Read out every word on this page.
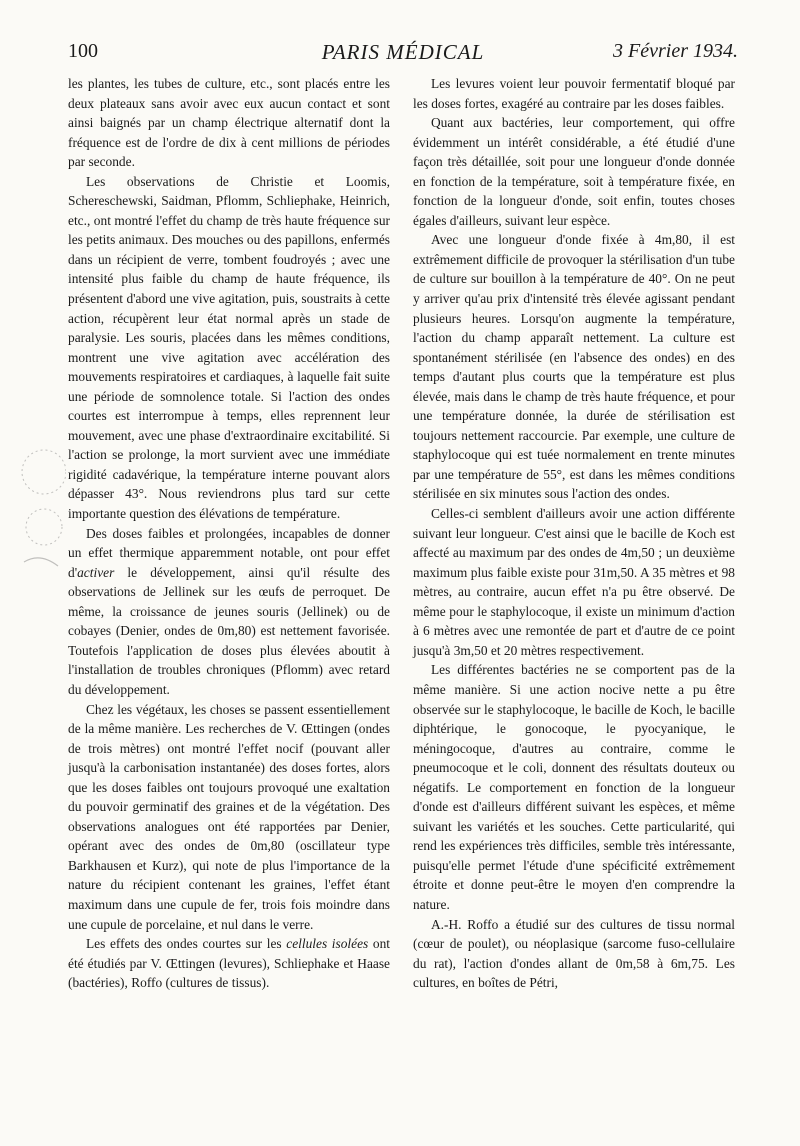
100	PARIS MÉDICAL	3 Février 1934.

les plantes, les tubes de culture, etc., sont placés entre les deux plateaux sans avoir avec eux aucun contact et sont ainsi baignés par un champ électrique alternatif dont la fréquence est de l'ordre de dix à cent millions de périodes par seconde.

Les observations de Christie et Loomis, Schereschewski, Saidman, Pflomm, Schliephake, Heinrich, etc., ont montré l'effet du champ de très haute fréquence sur les petits animaux. Des mouches ou des papillons, enfermés dans un récipient de verre, tombent foudroyés ; avec une intensité plus faible du champ de haute fréquence, ils présentent d'abord une vive agitation, puis, soustraits à cette action, récupèrent leur état normal après un stade de paralysie. Les souris, placées dans les mêmes conditions, montrent une vive agitation avec accélération des mouvements respiratoires et cardiaques, à laquelle fait suite une période de somnolence totale. Si l'action des ondes courtes est interrompue à temps, elles reprennent leur mouvement, avec une phase d'extraordinaire excitabilité. Si l'action se prolonge, la mort survient avec une immédiate rigidité cadavérique, la température interne pouvant alors dépasser 43°. Nous reviendrons plus tard sur cette importante question des élévations de température.

Des doses faibles et prolongées, incapables de donner un effet thermique apparemment notable, ont pour effet d'activer le développement, ainsi qu'il résulte des observations de Jellinek sur les œufs de perroquet. De même, la croissance de jeunes souris (Jellinek) ou de cobayes (Denier, ondes de 0m,80) est nettement favorisée. Toutefois l'application de doses plus élevées aboutit à l'installation de troubles chroniques (Pflomm) avec retard du développement.

Chez les végétaux, les choses se passent essentiellement de la même manière. Les recherches de V. Œttingen (ondes de trois mètres) ont montré l'effet nocif (pouvant aller jusqu'à la carbonisation instantanée) des doses fortes, alors que les doses faibles ont toujours provoqué une exaltation du pouvoir germinatif des graines et de la végétation. Des observations analogues ont été rapportées par Denier, opérant avec des ondes de 0m,80 (oscillateur type Barkhausen et Kurz), qui note de plus l'importance de la nature du récipient contenant les graines, l'effet étant maximum dans une cupule de fer, trois fois moindre dans une cupule de porcelaine, et nul dans le verre.

Les effets des ondes courtes sur les cellules isolées ont été étudiés par V. Œttingen (levures), Schliephake et Haase (bactéries), Roffo (cultures de tissus).

Les levures voient leur pouvoir fermentatif bloqué par les doses fortes, exagéré au contraire par les doses faibles.

Quant aux bactéries, leur comportement, qui offre évidemment un intérêt considérable, a été étudié d'une façon très détaillée, soit pour une longueur d'onde donnée en fonction de la température, soit à température fixée, en fonction de la longueur d'onde, soit enfin, toutes choses égales d'ailleurs, suivant leur espèce.

Avec une longueur d'onde fixée à 4m,80, il est extrêmement difficile de provoquer la stérilisation d'un tube de culture sur bouillon à la température de 40°. On ne peut y arriver qu'au prix d'intensité très élevée agissant pendant plusieurs heures. Lorsqu'on augmente la température, l'action du champ apparaît nettement. La culture est spontanément stérilisée (en l'absence des ondes) en des temps d'autant plus courts que la température est plus élevée, mais dans le champ de très haute fréquence, et pour une température donnée, la durée de stérilisation est toujours nettement raccourcie. Par exemple, une culture de staphylocoque qui est tuée normalement en trente minutes par une température de 55°, est dans les mêmes conditions stérilisée en six minutes sous l'action des ondes.

Celles-ci semblent d'ailleurs avoir une action différente suivant leur longueur. C'est ainsi que le bacille de Koch est affecté au maximum par des ondes de 4m,50 ; un deuxième maximum plus faible existe pour 31m,50. A 35 mètres et 98 mètres, au contraire, aucun effet n'a pu être observé. De même pour le staphylocoque, il existe un minimum d'action à 6 mètres avec une remontée de part et d'autre de ce point jusqu'à 3m,50 et 20 mètres respectivement.

Les différentes bactéries ne se comportent pas de la même manière. Si une action nocive nette a pu être observée sur le staphylocoque, le bacille de Koch, le bacille diphtérique, le gonocoque, le pyocyanique, le méningocoque, d'autres au contraire, comme le pneumocoque et le coli, donnent des résultats douteux ou négatifs. Le comportement en fonction de la longueur d'onde est d'ailleurs différent suivant les espèces, et même suivant les variétés et les souches. Cette particularité, qui rend les expériences très difficiles, semble très intéressante, puisqu'elle permet l'étude d'une spécificité extrêmement étroite et donne peut-être le moyen d'en comprendre la nature.

A.-H. Roffo a étudié sur des cultures de tissu normal (cœur de poulet), ou néoplasique (sarcome fuso-cellulaire du rat), l'action d'ondes allant de 0m,58 à 6m,75. Les cultures, en boîtes de Pétri,
